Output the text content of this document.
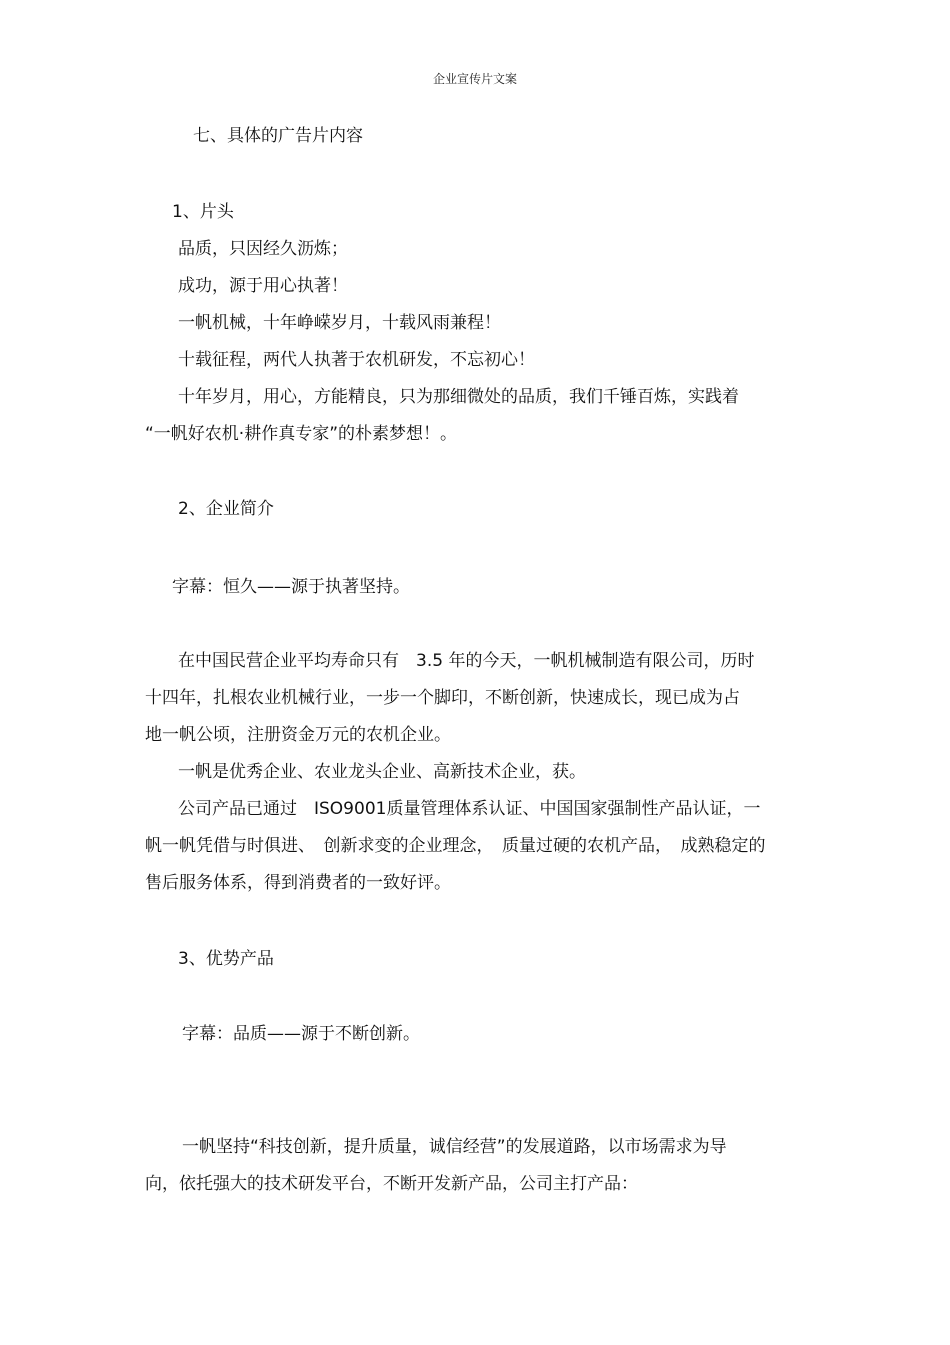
企业宣传片文案
七、具体的广告片内容
1、片头
品质，只因经久沥炼；
成功，源于用心执著！
一帆机械，十年峥嵘岁月，十载风雨兼程！
十载征程，两代人执著于农机研发，不忘初心！
十年岁月，用心，方能精良，只为那细微处的品质，我们千锤百炼，实践着
“一帆好农机·耕作真专家”的朴素梦想！。
2、企业简介
字幕：恒久——源于执著坚持。
在中国民营企业平均寿命只有　3.5 年的今天，一帆机械制造有限公司，历时
十四年，扎根农业机械行业，一步一个脚印，不断创新，快速成长，现已成为占
地一帆公顷，注册资金万元的农机企业。
一帆是优秀企业、农业龙头企业、高新技术企业，获。
公司产品已通过　ISO9001质量管理体系认证、中国国家强制性产品认证，一
帆一帆凭借与时俱进、　创新求变的企业理念，　质量过硬的农机产品，　成熟稳定的
售后服务体系，得到消费者的一致好评。
3、优势产品
字幕：品质——源于不断创新。
一帆坚持“科技创新，提升质量，诚信经营”的发展道路，以市场需求为导
向，依托强大的技术研发平台，不断开发新产品，公司主打产品：
